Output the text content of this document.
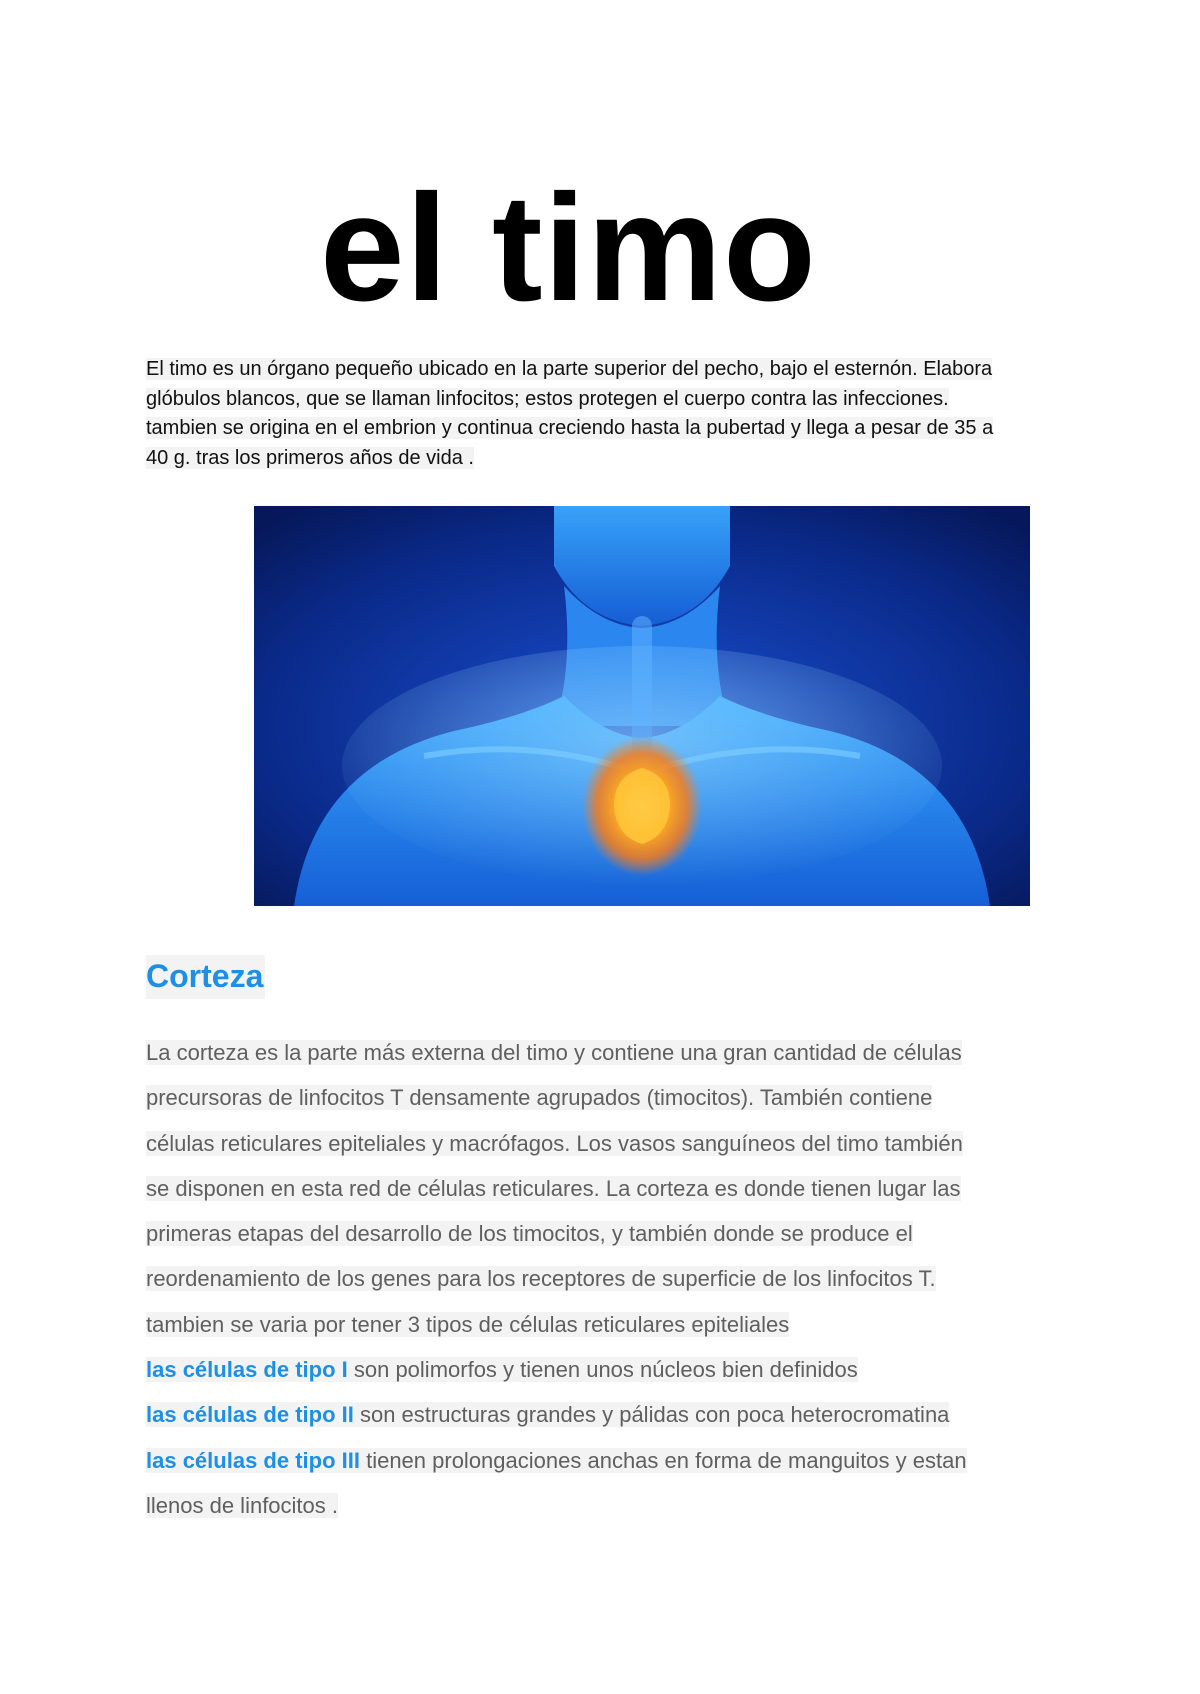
el timo

El timo es un órgano pequeño ubicado en la parte superior del pecho, bajo el esternón. Elabora
glóbulos blancos, que se llaman linfocitos; estos protegen el cuerpo contra las infecciones.
tambien se origina en el embrion y continua creciendo hasta la pubertad y llega a pesar de 35 a
40 g. tras los primeros años de vida .

Corteza

La corteza es la parte más externa del timo y contiene una gran cantidad de células
precursoras de linfocitos T densamente agrupados (timocitos). También contiene
células reticulares epiteliales y macrófagos. Los vasos sanguíneos del timo también
se disponen en esta red de células reticulares. La corteza es donde tienen lugar las
primeras etapas del desarrollo de los timocitos, y también donde se produce el
reordenamiento de los genes para los receptores de superficie de los linfocitos T.
tambien se varia por tener 3 tipos de células reticulares epiteliales
las células de tipo I son polimorfos y tienen unos núcleos bien definidos
las células de tipo II son estructuras grandes y pálidas con poca heterocromatina
las células de tipo III tienen prolongaciones anchas en forma de manguitos y estan
llenos de linfocitos .
